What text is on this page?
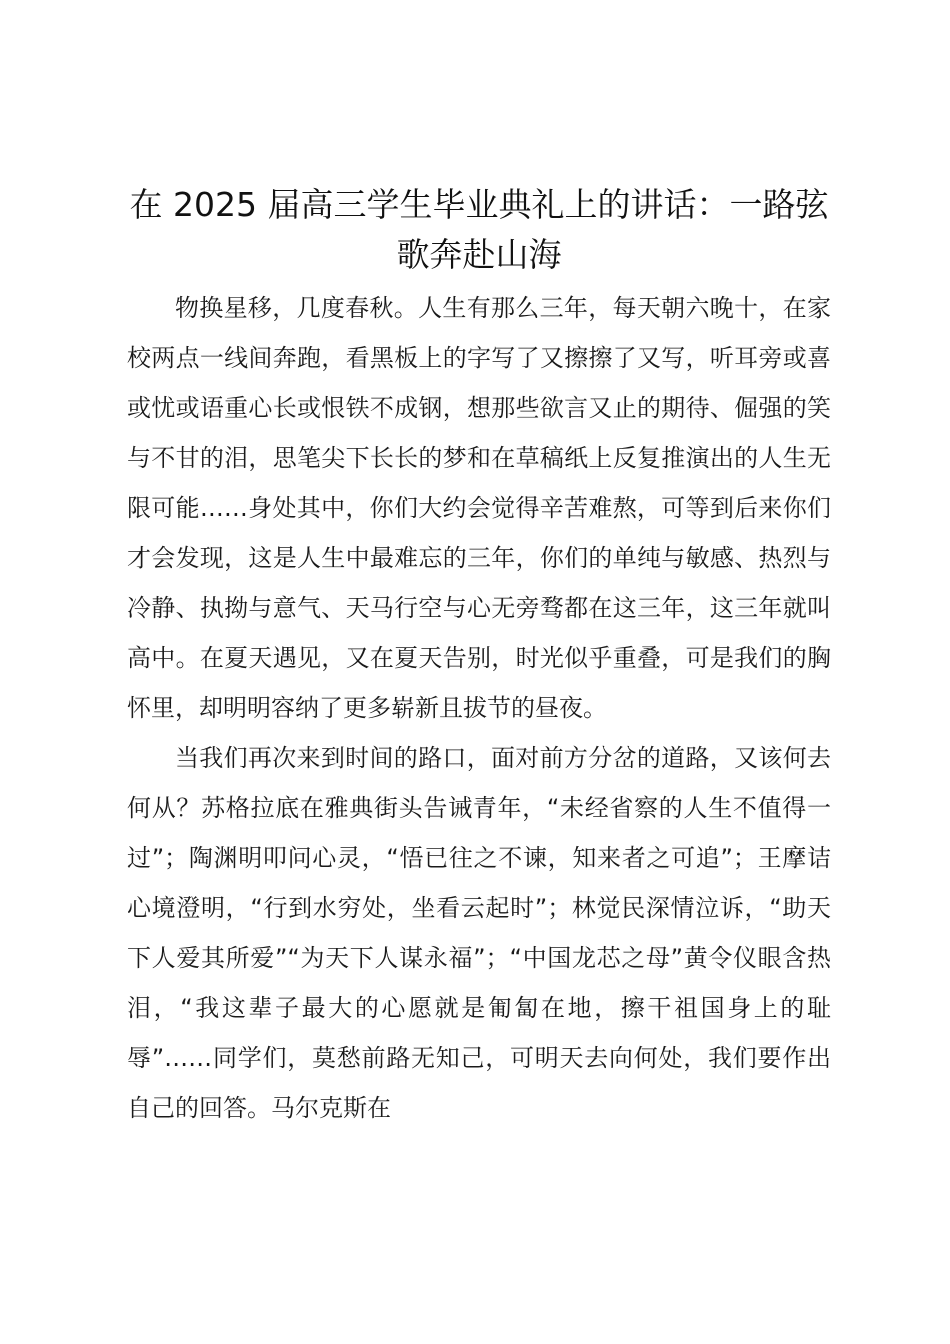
在 2025 届高三学生毕业典礼上的讲话：一路弦歌奔赴山海

物换星移，几度春秋。人生有那么三年，每天朝六晚十，在家校两点一线间奔跑，看黑板上的字写了又擦擦了又写，听耳旁或喜或忧或语重心长或恨铁不成钢，想那些欲言又止的期待、倔强的笑与不甘的泪，思笔尖下长长的梦和在草稿纸上反复推演出的人生无限可能……身处其中，你们大约会觉得辛苦难熬，可等到后来你们才会发现，这是人生中最难忘的三年，你们的单纯与敏感、热烈与冷静、执拗与意气、天马行空与心无旁骛都在这三年，这三年就叫高中。在夏天遇见，又在夏天告别，时光似乎重叠，可是我们的胸怀里，却明明容纳了更多崭新且拔节的昼夜。

当我们再次来到时间的路口，面对前方分岔的道路，又该何去何从？苏格拉底在雅典街头告诫青年，“未经省察的人生不值得一过”；陶渊明叩问心灵，“悟已往之不谏，知来者之可追”；王摩诘心境澄明，“行到水穷处，坐看云起时”；林觉民深情泣诉，“助天下人爱其所爱”“为天下人谋永福”；“中国龙芯之母”黄令仪眼含热泪，“我这辈子最大的心愿就是匍匐在地，擦干祖国身上的耻辱”……同学们，莫愁前路无知己，可明天去向何处，我们要作出自己的回答。马尔克斯在
